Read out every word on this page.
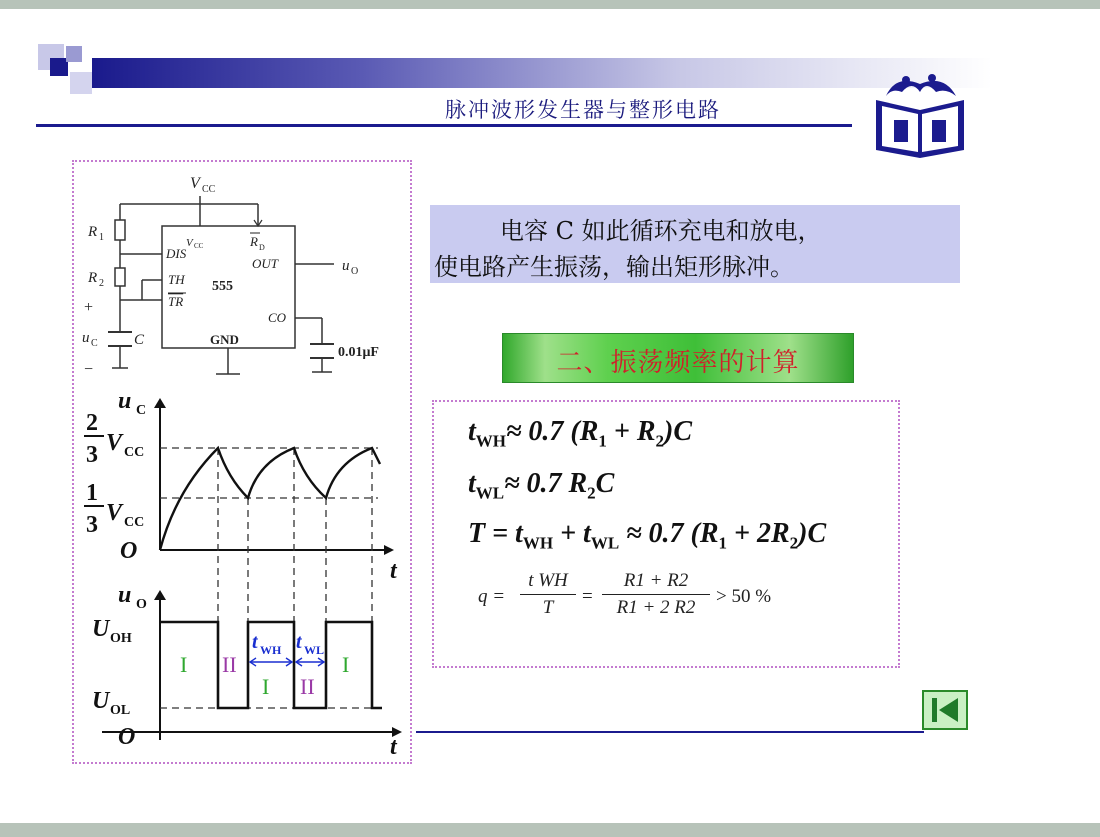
脉冲波形发生器与整形电路
V CC
R 1
R 2
+
u C C
−
V CC
DIS
TH
TR
R D
OUT
555
CO
GND
u O
0.01μF
u C
2
3 V CC
1
3 V CC
O
t
u O
U OH
U OL
O	t
I II
I II
I
t WH t WL
电容 C 如此循环充电和放电，
使电路产生振荡，输出矩形脉冲。
二、振荡频率的计算
$t_{WH}\approx 0.7$ $(R_1 + R_2)C$
$t_{WL}\approx 0.7$ $R_2C$
$T = t_{WH} + t_{WL} \approx 0.7$ $(R_1 + 2R_2)C$
q =
t WH
T
=
R1 + R2
R1 + 2 R2
> 50 %
